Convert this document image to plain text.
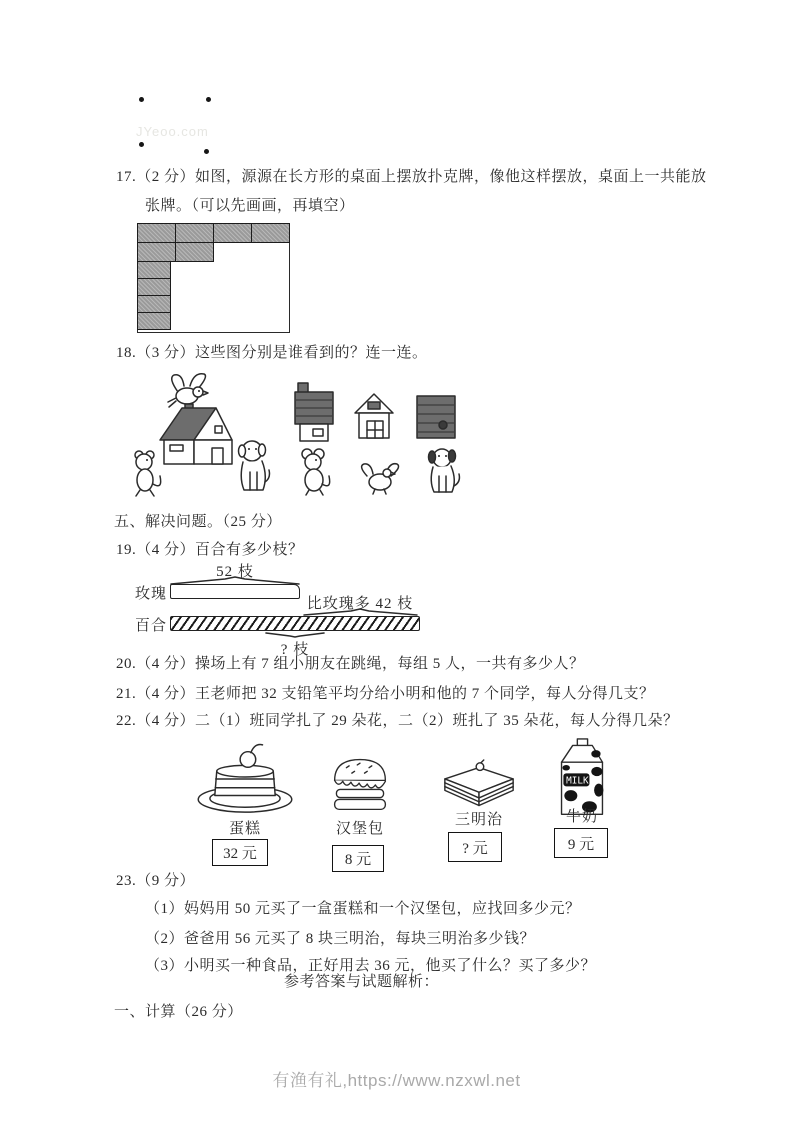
JYeoo.com
17.（2 分）如图，源源在长方形的桌面上摆放扑克牌，像他这样摆放，桌面上一共能放
张牌。（可以先画画，再填空）
18.（3 分）这些图分别是谁看到的？连一连。
五、解决问题。（25 分）
19.（4 分）百合有多少枝？
52 枝
玫瑰
比玫瑰多 42 枝
百合
? 枝
20.（4 分）操场上有 7 组小朋友在跳绳，每组 5 人，一共有多少人？
21.（4 分）王老师把 32 支铅笔平均分给小明和他的 7 个同学，每人分得几支？
22.（4 分）二（1）班同学扎了 29 朵花，二（2）班扎了 35 朵花，每人分得几朵？
蛋糕
32 元
汉堡包
8 元
三明治
? 元
MILK
牛奶
9 元
23.（9 分）
（1）妈妈用 50 元买了一盒蛋糕和一个汉堡包，应找回多少元？
（2）爸爸用 56 元买了 8 块三明治，每块三明治多少钱？
（3）小明买一种食品，正好用去 36 元，他买了什么？买了多少？
参考答案与试题解析：
一、计算（26 分）
有渔有礼,https://www.nzxwl.net
